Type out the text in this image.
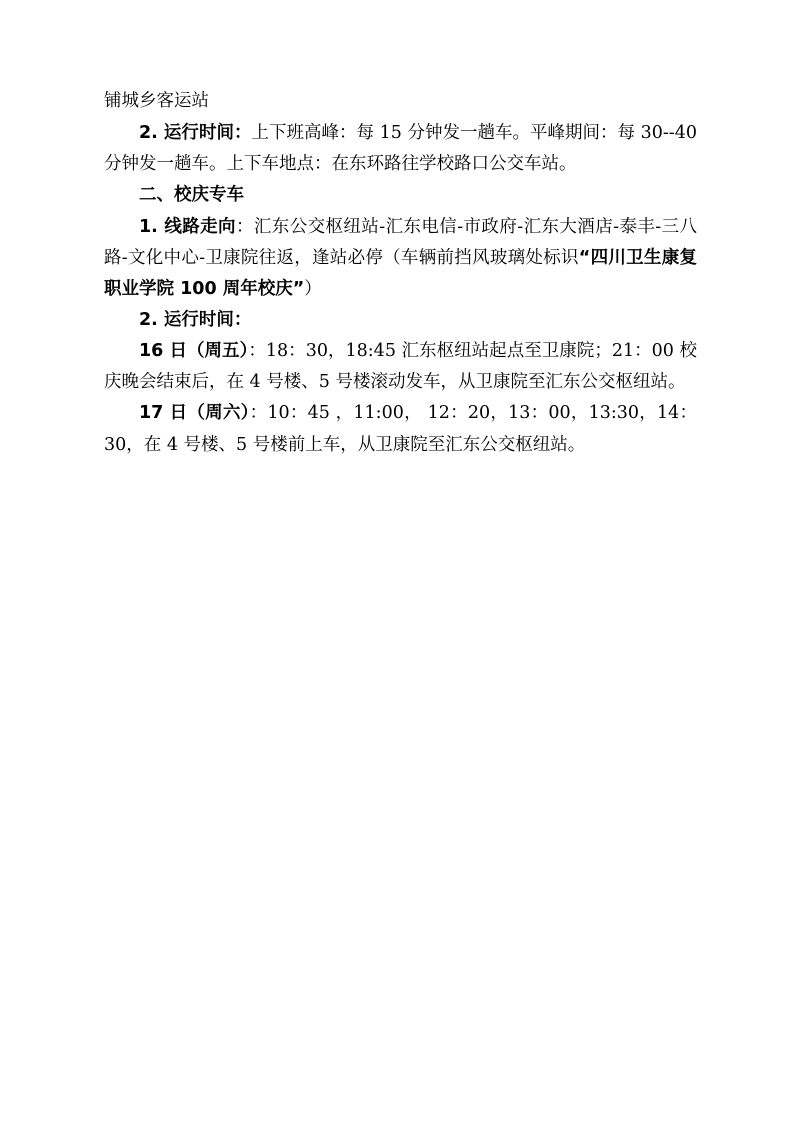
铺城乡客运站

2. 运行时间：上下班高峰：每 15 分钟发一趟车。平峰期间：每 30--40 分钟发一趟车。上下车地点：在东环路往学校路口公交车站。

二、校庆专车

1. 线路走向：汇东公交枢纽站-汇东电信-市政府-汇东大酒店-泰丰-三八路-文化中心-卫康院往返，逢站必停（车辆前挡风玻璃处标识“四川卫生康复职业学院 100 周年校庆”）

2. 运行时间：

16 日（周五）：18：30，18:45 汇东枢纽站起点至卫康院；21：00 校庆晚会结束后，在 4 号楼、5 号楼滚动发车，从卫康院至汇东公交枢纽站。

17 日（周六）：10：45 ，11:00， 12：20，13：00，13:30，14：30，在 4 号楼、5 号楼前上车，从卫康院至汇东公交枢纽站。
